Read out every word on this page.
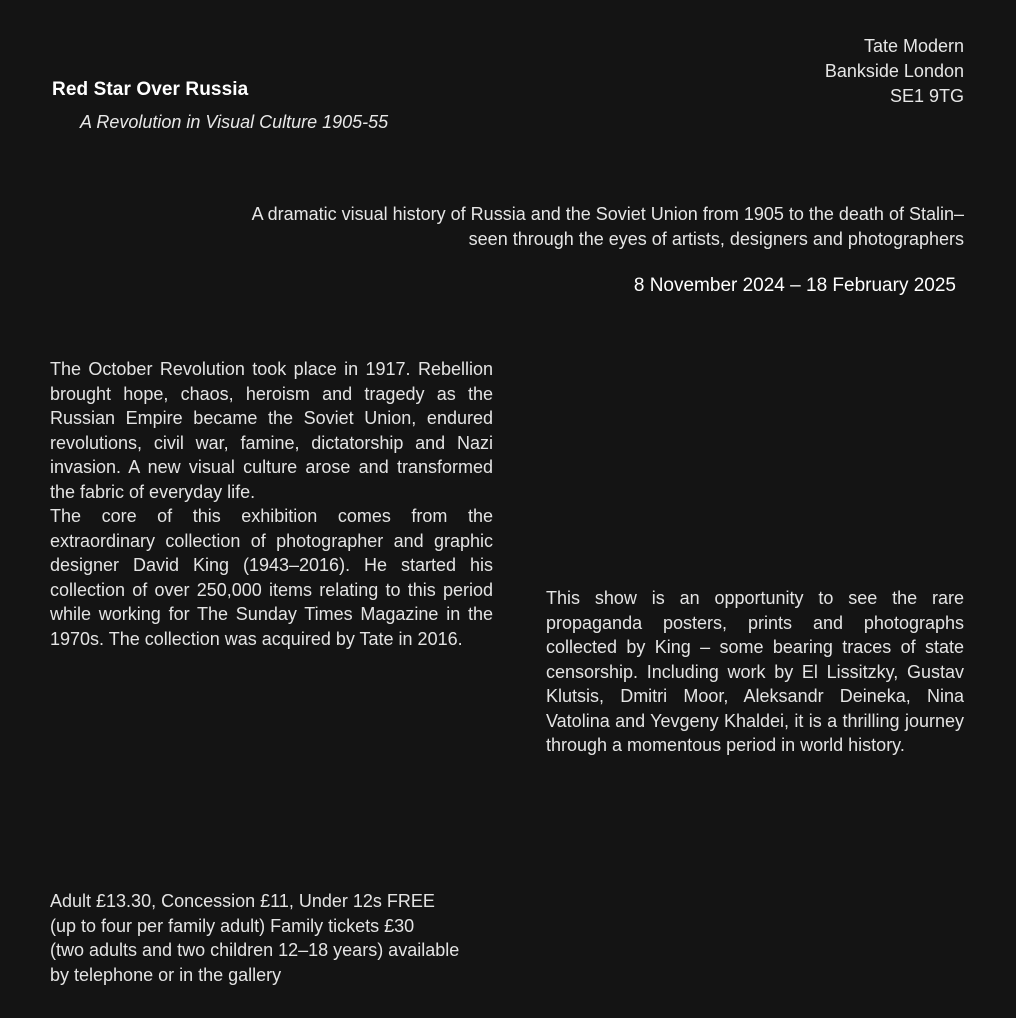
Red Star Over Russia
A Revolution in Visual Culture 1905-55
Tate Modern
Bankside London
SE1 9TG

A dramatic visual history of Russia and the Soviet Union from 1905 to the death of Stalin–
seen through the eyes of artists, designers and photographers

8 November 2024 – 18 February 2025

The October Revolution took place in 1917. Rebellion brought hope, chaos, heroism and tragedy as the Russian Empire became the Soviet Union, endured revolutions, civil war, famine, dictatorship and Nazi invasion. A new visual culture arose and transformed the fabric of everyday life.

The core of this exhibition comes from the extraordinary collection of photographer and graphic designer David King (1943–2016). He started his collection of over 250,000 items relating to this period while working for The Sunday Times Magazine in the 1970s. The collection was acquired by Tate in 2016.

This show is an opportunity to see the rare propaganda posters, prints and photographs collected by King – some bearing traces of state censorship. Including work by El Lissitzky, Gustav Klutsis, Dmitri Moor, Aleksandr Deineka, Nina Vatolina and Yevgeny Khaldei, it is a thrilling journey through a momentous period in world history.

Adult £13.30, Concession £11, Under 12s FREE
(up to four per family adult) Family tickets £30
(two adults and two children 12–18 years) available
by telephone or in the gallery
